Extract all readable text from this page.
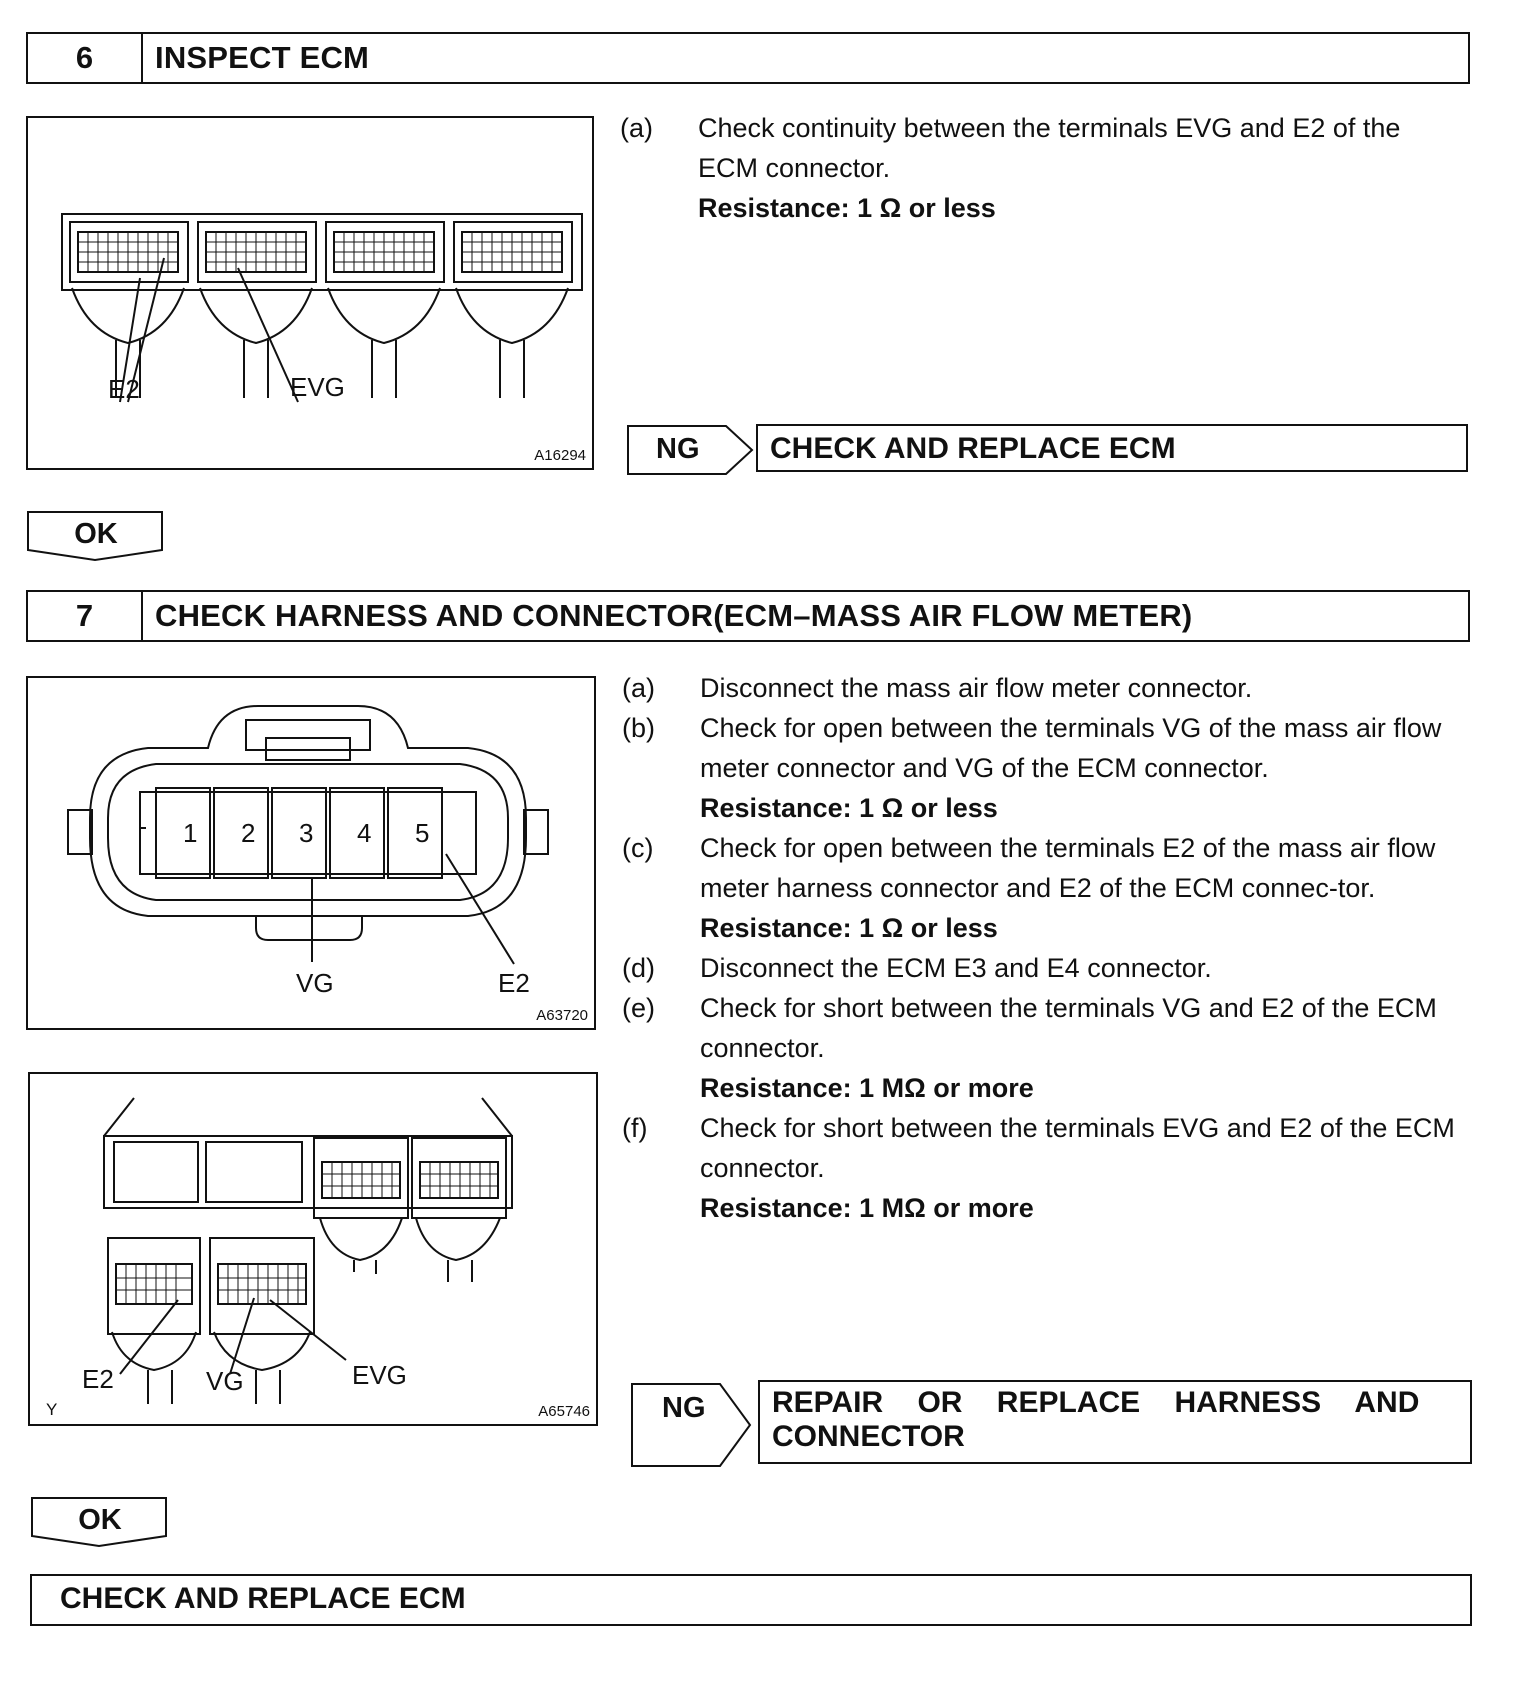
6	INSPECT ECM
E2	EVG
A16294
(a)	Check continuity between the terminals EVG and E2 of the ECM connector.
Resistance: 1 Ω or less
NG	CHECK AND REPLACE ECM
OK
7	CHECK HARNESS AND CONNECTOR(ECM–MASS AIR FLOW METER)
1 2 3 4 5
VG	E2
A63720
E2	VG	EVG
Y	A65746
(a)	Disconnect the mass air flow meter connector.
(b)	Check for open between the terminals VG of the mass air flow meter connector and VG of the ECM connector.
Resistance: 1 Ω or less
(c)	Check for open between the terminals E2 of the mass air flow meter harness connector and E2 of the ECM connec-tor.
Resistance: 1 Ω or less
(d)	Disconnect the ECM E3 and E4 connector.
(e)	Check for short between the terminals VG and E2 of the ECM connector.
Resistance: 1 MΩ or more
(f)	Check for short between the terminals EVG and E2 of the ECM connector.
Resistance: 1 MΩ or more
NG REPAIR OR REPLACE HARNESS AND
CONNECTOR
OK
CHECK AND REPLACE ECM
